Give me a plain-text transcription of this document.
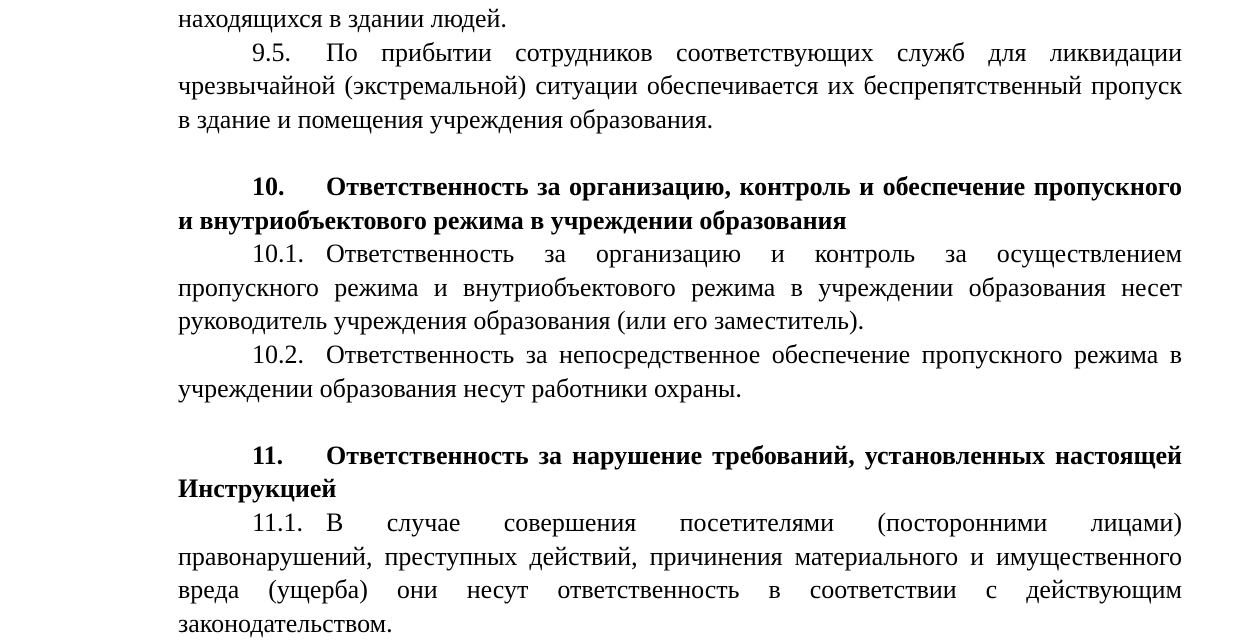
находящихся в здании людей.

9.5. По прибытии сотрудников соответствующих служб для ликвидации чрезвычайной (экстремальной) ситуации обеспечивается их беспрепятственный пропуск в здание и помещения учреждения образования.

10. Ответственность за организацию, контроль и обеспечение пропускного и внутриобъектового режима в учреждении образования

10.1. Ответственность за организацию и контроль за осуществлением пропускного режима и внутриобъектового режима в учреждении образования несет руководитель учреждения образования (или его заместитель).

10.2. Ответственность за непосредственное обеспечение пропускного режима в учреждении образования несут работники охраны.

11. Ответственность за нарушение требований, установленных настоящей Инструкцией

11.1. В случае совершения посетителями (посторонними лицами) правонарушений, преступных действий, причинения материального и имущественного вреда (ущерба) они несут ответственность в соответствии с действующим законодательством.
